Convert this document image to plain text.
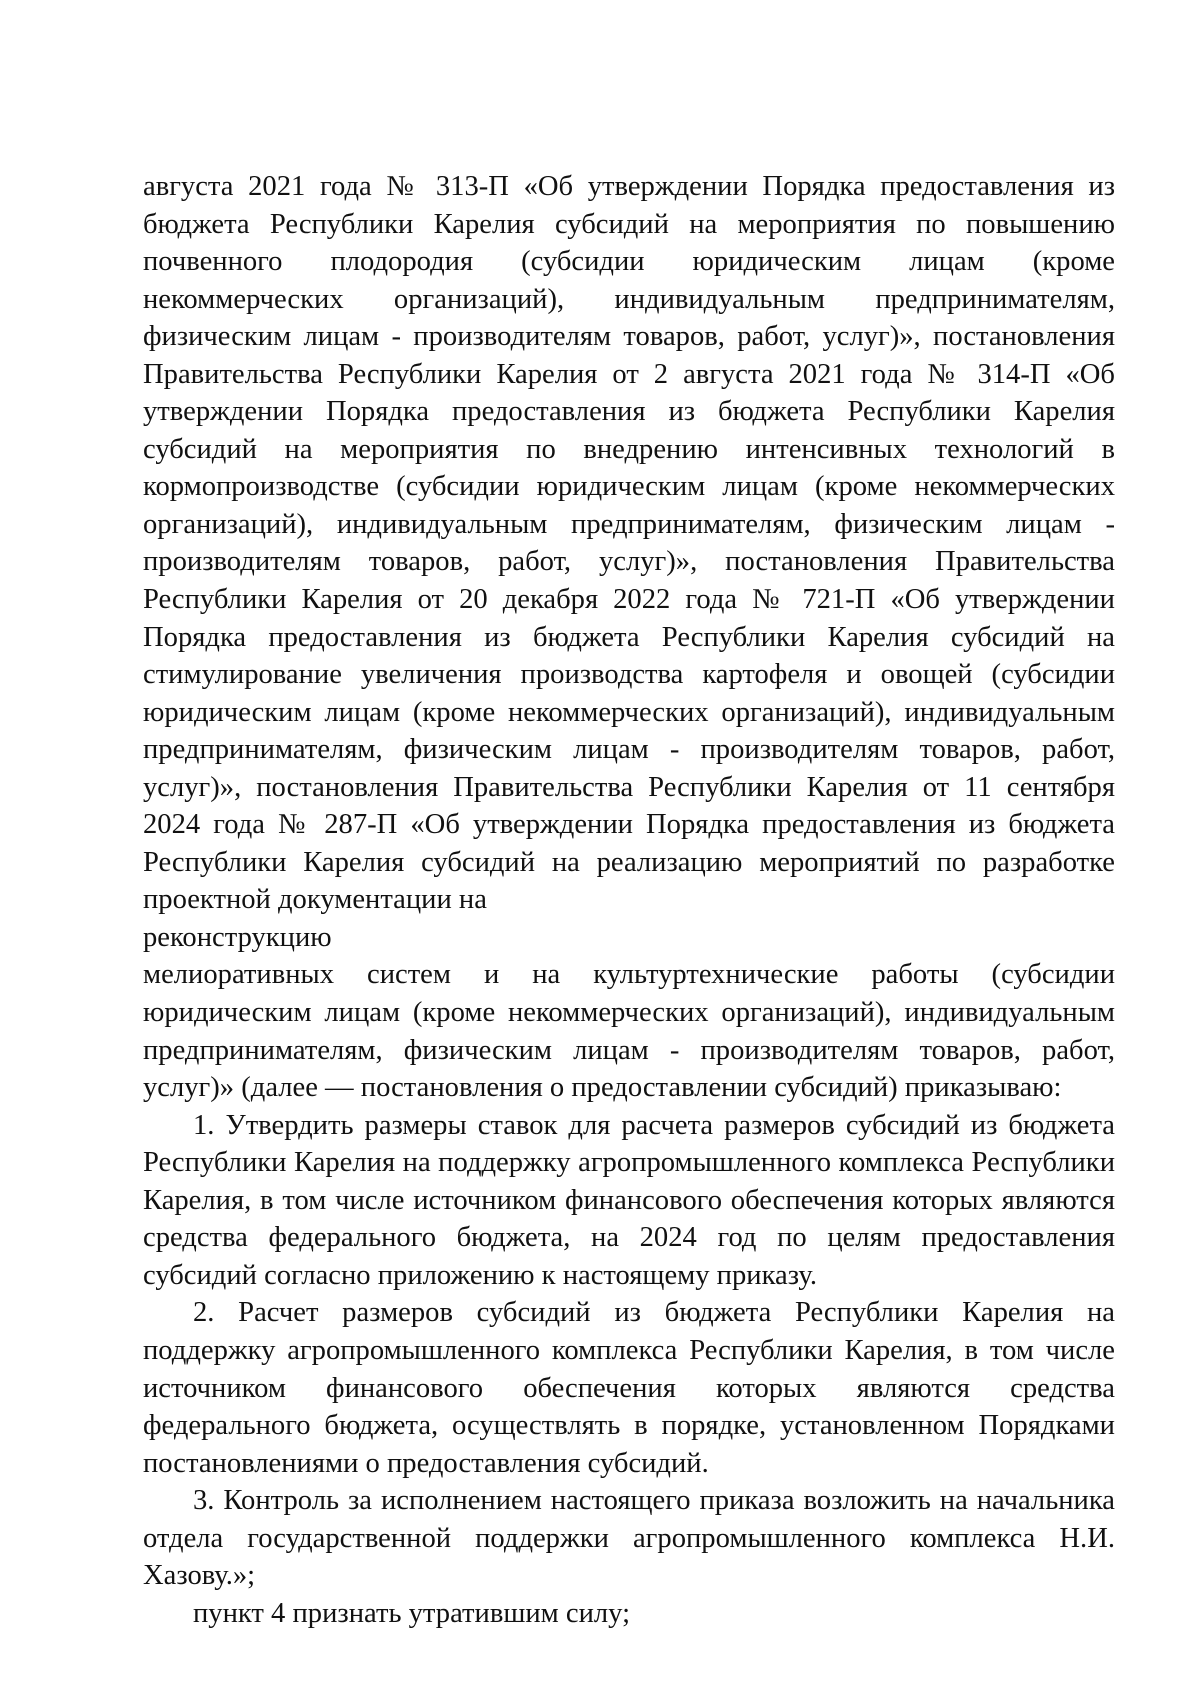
августа 2021 года № 313-П «Об утверждении Порядка предоставления из бюджета Республики Карелия субсидий на мероприятия по повышению почвенного плодородия (субсидии юридическим лицам (кроме некоммерческих организаций), индивидуальным предпринимателям, физическим лицам - производителям товаров, работ, услуг)», постановления Правительства Республики Карелия от 2 августа 2021 года № 314-П «Об утверждении Порядка предоставления из бюджета Республики Карелия субсидий на мероприятия по внедрению интенсивных технологий в кормопроизводстве (субсидии юридическим лицам (кроме некоммерческих организаций), индивидуальным предпринимателям, физическим лицам - производителям товаров, работ, услуг)», постановления Правительства Республики Карелия от 20 декабря 2022 года № 721-П «Об утверждении Порядка предоставления из бюджета Республики Карелия субсидий на стимулирование увеличения производства картофеля и овощей (субсидии юридическим лицам (кроме некоммерческих организаций), индивидуальным предпринимателям, физическим лицам - производителям товаров, работ, услуг)», постановления Правительства Республики Карелия от 11 сентября 2024 года № 287-П «Об утверждении Порядка предоставления из бюджета Республики Карелия субсидий на реализацию мероприятий по разработке проектной документации на

реконструкцию

мелиоративных систем и на культуртехнические работы (субсидии юридическим лицам (кроме некоммерческих организаций), индивидуальным предпринимателям, физическим лицам - производителям товаров, работ, услуг)» (далее — постановления о предоставлении субсидий) приказываю:

1. Утвердить размеры ставок для расчета размеров субсидий из бюджета Республики Карелия на поддержку агропромышленного комплекса Республики Карелия, в том числе источником финансового обеспечения которых являются средства федерального бюджета, на 2024 год по целям предоставления субсидий согласно приложению к настоящему приказу.

2. Расчет размеров субсидий из бюджета Республики Карелия на поддержку агропромышленного комплекса Республики Карелия, в том числе источником финансового обеспечения которых являются средства федерального бюджета, осуществлять в порядке, установленном Порядками постановлениями о предоставления субсидий.

3. Контроль за исполнением настоящего приказа возложить на начальника отдела государственной поддержки агропромышленного комплекса Н.И. Хазову.»;

пункт 4 признать утратившим силу;
